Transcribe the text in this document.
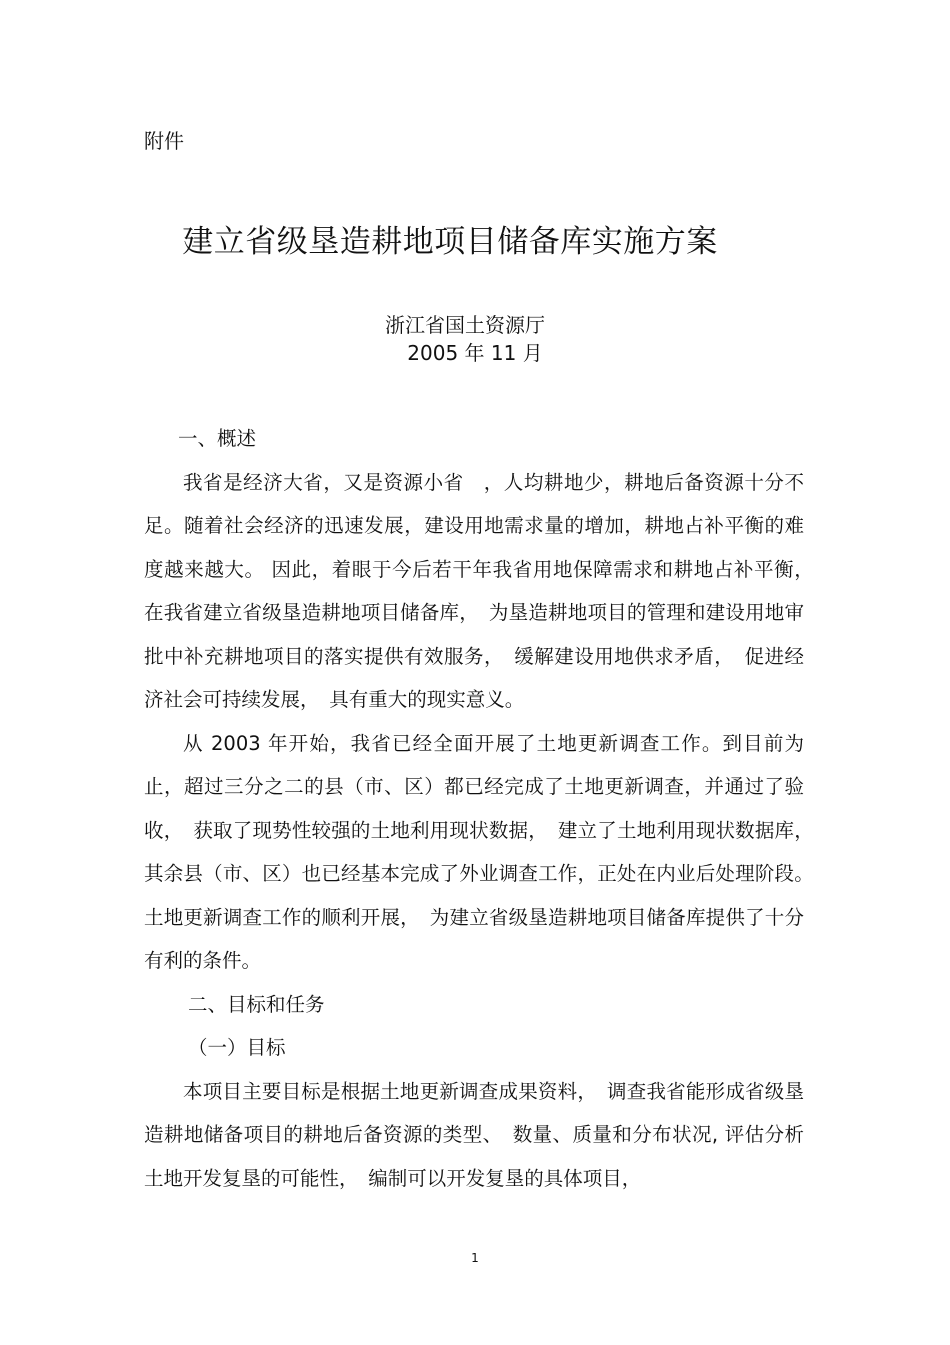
附件
建立省级垦造耕地项目储备库实施方案
浙江省国土资源厅
2005 年 11 月
一、概述

我省是经济大省，又是资源小省　，人均耕地少，耕地后备资源十分不足。随着社会经济的迅速发展，建设用地需求量的增加，耕地占补平衡的难度越来越大。 因此，着眼于今后若干年我省用地保障需求和耕地占补平衡，　在我省建立省级垦造耕地项目储备库，　为垦造耕地项目的管理和建设用地审批中补充耕地项目的落实提供有效服务，　缓解建设用地供求矛盾，　促进经济社会可持续发展，　具有重大的现实意义。

从 2003 年开始，我省已经全面开展了土地更新调查工作。到目前为止，超过三分之二的县（市、区）都已经完成了土地更新调查，并通过了验收，　获取了现势性较强的土地利用现状数据，　建立了土地利用现状数据库，　其余县（市、区）也已经基本完成了外业调查工作，正处在内业后处理阶段。　土地更新调查工作的顺利开展，　为建立省级垦造耕地项目储备库提供了十分有利的条件。

二、目标和任务
（一）目标

本项目主要目标是根据土地更新调查成果资料，　调查我省能形成省级垦造耕地储备项目的耕地后备资源的类型、　数量、质量和分布状况, 评估分析土地开发复垦的可能性，　编制可以开发复垦的具体项目，

1
